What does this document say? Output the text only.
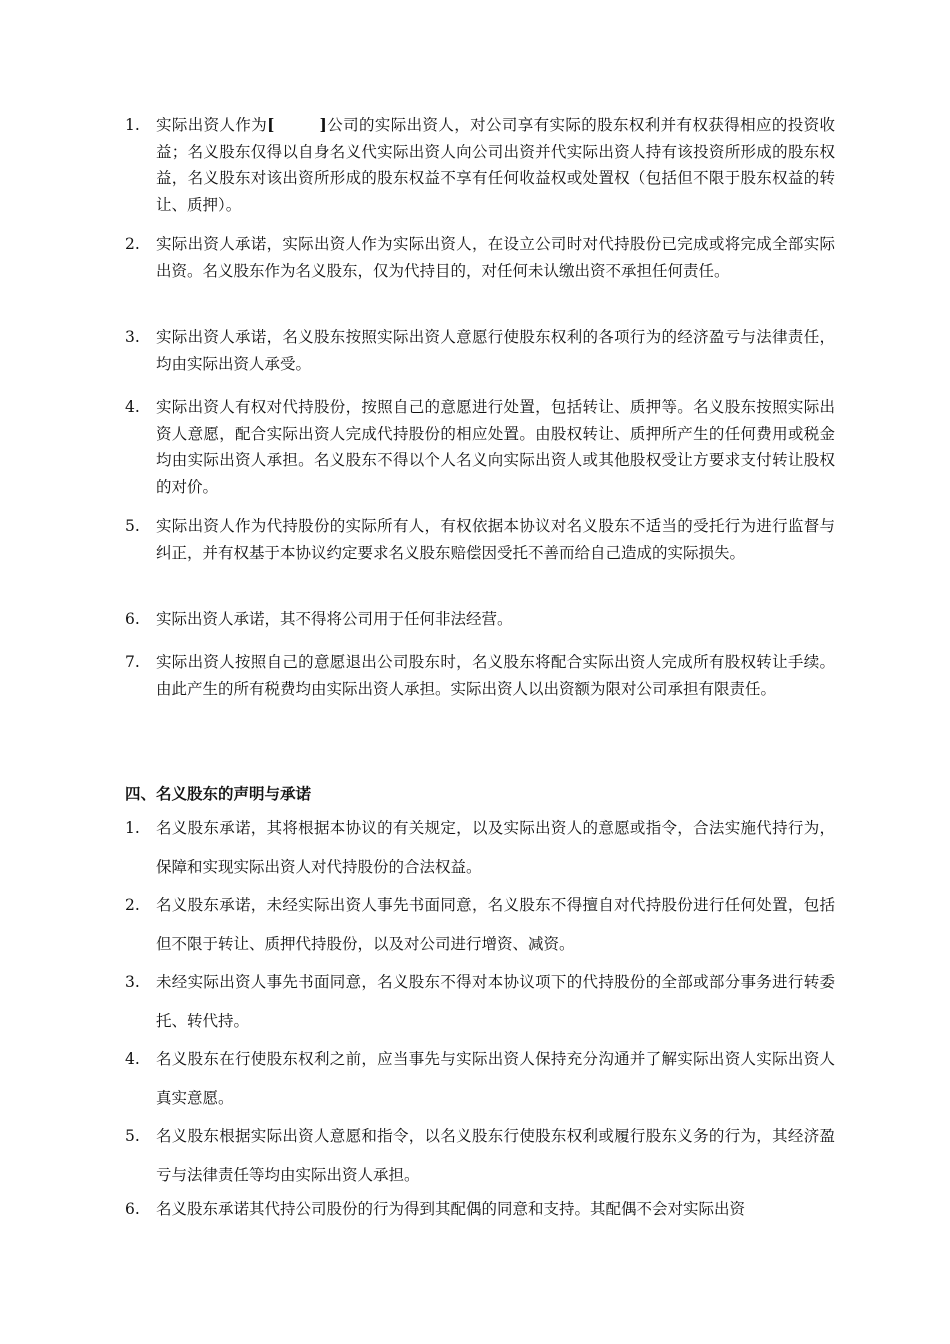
1.	实际出资人作为[	]公司的实际出资人，对公司享有实际的股东权利并有权获得相应的投资收益；名义股东仅得以自身名义代实际出资人向公司出资并代实际出资人持有该投资所形成的股东权益，名义股东对该出资所形成的股东权益不享有任何收益权或处置权（包括但不限于股东权益的转让、质押）。
2.	实际出资人承诺，实际出资人作为实际出资人，在设立公司时对代持股份已完成或将完成全部实际出资。名义股东作为名义股东，仅为代持目的，对任何未认缴出资不承担任何责任。
3.	实际出资人承诺，名义股东按照实际出资人意愿行使股东权利的各项行为的经济盈亏与法律责任，均由实际出资人承受。
4.	实际出资人有权对代持股份，按照自己的意愿进行处置，包括转让、质押等。名义股东按照实际出资人意愿，配合实际出资人完成代持股份的相应处置。由股权转让、质押所产生的任何费用或税金均由实际出资人承担。名义股东不得以个人名义向实际出资人或其他股权受让方要求支付转让股权的对价。
5.	实际出资人作为代持股份的实际所有人，有权依据本协议对名义股东不适当的受托行为进行监督与纠正，并有权基于本协议约定要求名义股东赔偿因受托不善而给自己造成的实际损失。
6.	实际出资人承诺，其不得将公司用于任何非法经营。
7.	实际出资人按照自己的意愿退出公司股东时，名义股东将配合实际出资人完成所有股权转让手续。由此产生的所有税费均由实际出资人承担。实际出资人以出资额为限对公司承担有限责任。
四、名义股东的声明与承诺
1.	名义股东承诺，其将根据本协议的有关规定，以及实际出资人的意愿或指令，合法实施代持行为，保障和实现实际出资人对代持股份的合法权益。
2.	名义股东承诺，未经实际出资人事先书面同意，名义股东不得擅自对代持股份进行任何处置，包括但不限于转让、质押代持股份，以及对公司进行增资、减资。
3.	未经实际出资人事先书面同意，名义股东不得对本协议项下的代持股份的全部或部分事务进行转委托、转代持。
4.	名义股东在行使股东权利之前，应当事先与实际出资人保持充分沟通并了解实际出资人实际出资人真实意愿。
5.	名义股东根据实际出资人意愿和指令，以名义股东行使股东权利或履行股东义务的行为，其经济盈亏与法律责任等均由实际出资人承担。
6.	名义股东承诺其代持公司股份的行为得到其配偶的同意和支持。其配偶不会对实际出资
